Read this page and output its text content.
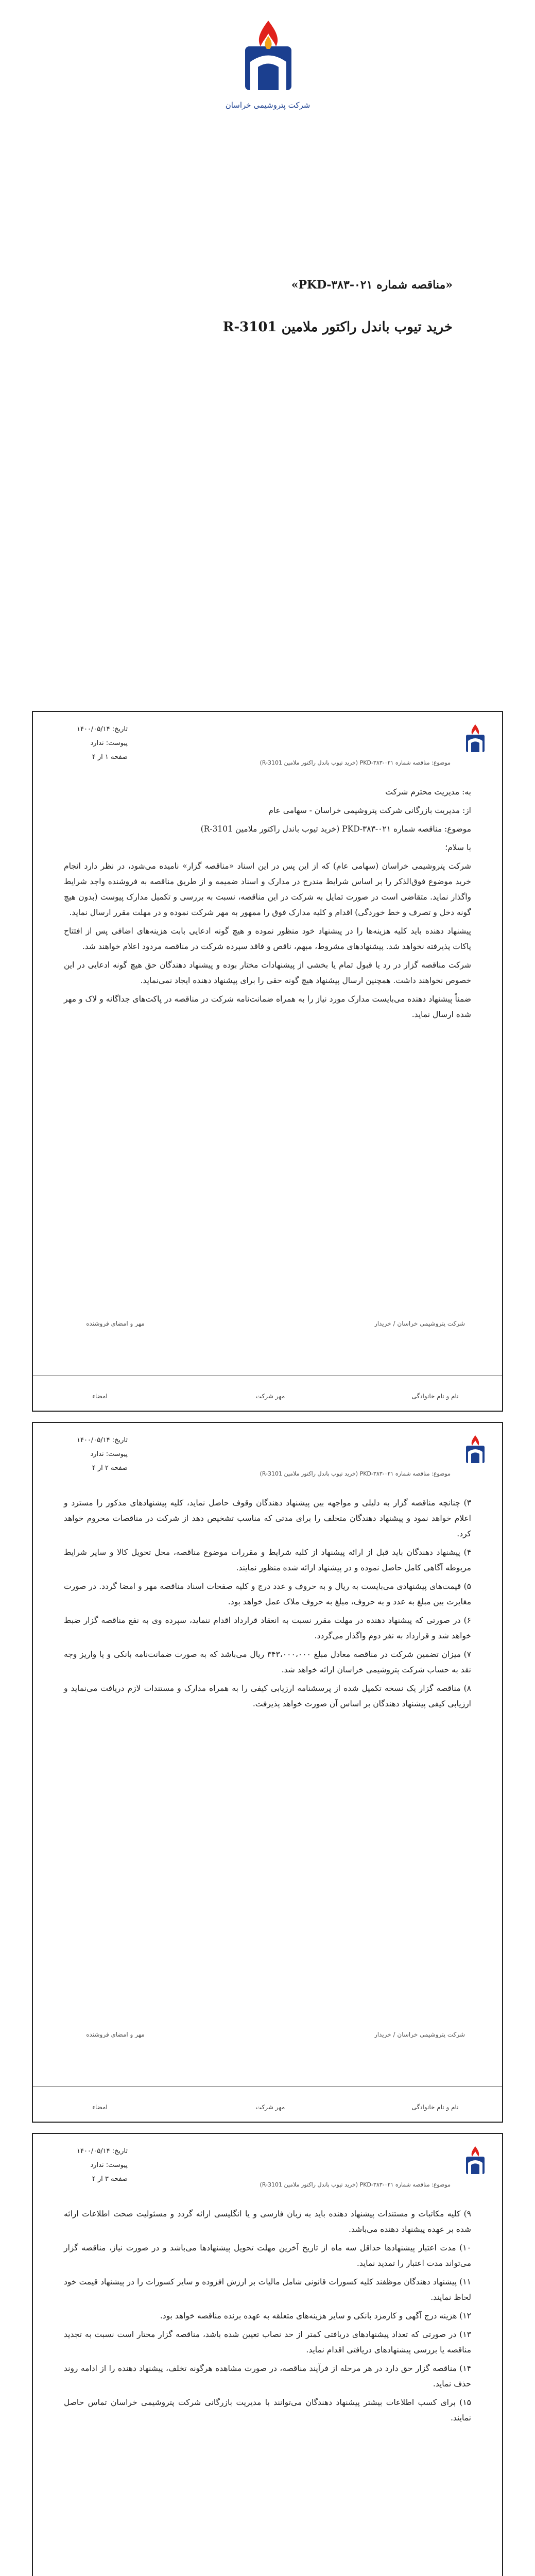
شرکت پتروشیمی خراسان
«مناقصه شماره ۰۲۱-۳۸۳-PKD»
خرید تیوب باندل راکتور ملامین R-3101
تاریخ: ۱۴۰۰/۰۵/۱۴
پیوست: ندارد
صفحه ۱ از ۴
موضوع: مناقصه شماره ۰۲۱-۳۸۳-PKD (خرید تیوب باندل راکتور ملامین R-3101)

به: مدیریت محترم شرکت

از: مدیریت بازرگانی شرکت پتروشیمی خراسان - سهامی عام

موضوع: مناقصه شماره ۰۲۱-۳۸۳-PKD (خرید تیوب باندل راکتور ملامین R-3101)

با سلام؛

شرکت پتروشیمی خراسان (سهامی عام) که از این پس در این اسناد «مناقصه گزار» نامیده می‌شود، در نظر دارد انجام خرید موضوع فوق‌الذکر را بر اساس شرایط مندرج در مدارک و اسناد ضمیمه و از طریق مناقصه به فروشنده واجد شرایط واگذار نماید. متقاضی است در صورت تمایل به شرکت در این مناقصه، نسبت به بررسی و تکمیل مدارک پیوست (بدون هیچ گونه دخل و تصرف و خط خوردگی) اقدام و کلیه مدارک فوق را ممهور به مهر شرکت نموده و در مهلت مقرر ارسال نماید.

پیشنهاد دهنده باید کلیه هزینه‌ها را در پیشنهاد خود منظور نموده و هیچ گونه ادعایی بابت هزینه‌های اضافی پس از افتتاح پاکات پذیرفته نخواهد شد. پیشنهادهای مشروط، مبهم، ناقص و فاقد سپرده شرکت در مناقصه مردود اعلام خواهند شد.

شرکت مناقصه گزار در رد یا قبول تمام یا بخشی از پیشنهادات مختار بوده و پیشنهاد دهندگان حق هیچ گونه ادعایی در این خصوص نخواهند داشت. همچنین ارسال پیشنهاد هیچ گونه حقی را برای پیشنهاد دهنده ایجاد نمی‌نماید.

ضمناً پیشنهاد دهنده می‌بایست مدارک مورد نیاز را به همراه ضمانت‌نامه شرکت در مناقصه در پاکت‌های جداگانه و لاک و مهر شده ارسال نماید.

شرکت پتروشیمی خراسان / خریدار
مهر و امضای فروشنده
نام و نام خانوادگی
مهر شرکت
امضاء
تاریخ: ۱۴۰۰/۰۵/۱۴
پیوست: ندارد
صفحه ۲ از ۴
موضوع: مناقصه شماره ۰۲۱-۳۸۳-PKD (خرید تیوب باندل راکتور ملامین R-3101)

۳) چنانچه مناقصه گزار به دلیلی و مواجهه بین پیشنهاد دهندگان وقوف حاصل نماید، کلیه پیشنهادهای مذکور را مسترد و اعلام خواهد نمود و پیشنهاد دهندگان متخلف را برای مدتی که مناسب تشخیص دهد از شرکت در مناقصات محروم خواهد کرد.

۴) پیشنهاد دهندگان باید قبل از ارائه پیشنهاد از کلیه شرایط و مقررات موضوع مناقصه، محل تحویل کالا و سایر شرایط مربوطه آگاهی کامل حاصل نموده و در پیشنهاد ارائه شده منظور نمایند.

۵) قیمت‌های پیشنهادی می‌بایست به ریال و به حروف و عدد درج و کلیه صفحات اسناد مناقصه مهر و امضا گردد. در صورت مغایرت بین مبلغ به عدد و به حروف، مبلغ به حروف ملاک عمل خواهد بود.

۶) در صورتی که پیشنهاد دهنده در مهلت مقرر نسبت به انعقاد قرارداد اقدام ننماید، سپرده وی به نفع مناقصه گزار ضبط خواهد شد و قرارداد به نفر دوم واگذار می‌گردد.

۷) میزان تضمین شرکت در مناقصه معادل مبلغ ۳۴۳،۰۰۰،۰۰۰ ریال می‌باشد که به صورت ضمانت‌نامه بانکی و یا واریز وجه نقد به حساب شرکت پتروشیمی خراسان ارائه خواهد شد.

۸) مناقصه گزار یک نسخه تکمیل شده از پرسشنامه ارزیابی کیفی را به همراه مدارک و مستندات لازم دریافت می‌نماید و ارزیابی کیفی پیشنهاد دهندگان بر اساس آن صورت خواهد پذیرفت.

شرکت پتروشیمی خراسان / خریدار
مهر و امضای فروشنده
نام و نام خانوادگی
مهر شرکت
امضاء
تاریخ: ۱۴۰۰/۰۵/۱۴
پیوست: ندارد
صفحه ۳ از ۴
موضوع: مناقصه شماره ۰۲۱-۳۸۳-PKD (خرید تیوب باندل راکتور ملامین R-3101)

۹) کلیه مکاتبات و مستندات پیشنهاد دهنده باید به زبان فارسی و یا انگلیسی ارائه گردد و مسئولیت صحت اطلاعات ارائه شده بر عهده پیشنهاد دهنده می‌باشد.

۱۰) مدت اعتبار پیشنهادها حداقل سه ماه از تاریخ آخرین مهلت تحویل پیشنهادها می‌باشد و در صورت نیاز، مناقصه گزار می‌تواند مدت اعتبار را تمدید نماید.

۱۱) پیشنهاد دهندگان موظفند کلیه کسورات قانونی شامل مالیات بر ارزش افزوده و سایر کسورات را در پیشنهاد قیمت خود لحاظ نمایند.

۱۲) هزینه درج آگهی و کارمزد بانکی و سایر هزینه‌های متعلقه به عهده برنده مناقصه خواهد بود.

۱۳) در صورتی که تعداد پیشنهادهای دریافتی کمتر از حد نصاب تعیین شده باشد، مناقصه گزار مختار است نسبت به تجدید مناقصه یا بررسی پیشنهادهای دریافتی اقدام نماید.

۱۴) مناقصه گزار حق دارد در هر مرحله از فرآیند مناقصه، در صورت مشاهده هرگونه تخلف، پیشنهاد دهنده را از ادامه روند حذف نماید.

۱۵) برای کسب اطلاعات بیشتر پیشنهاد دهندگان می‌توانند با مدیریت بازرگانی شرکت پتروشیمی خراسان تماس حاصل نمایند.
